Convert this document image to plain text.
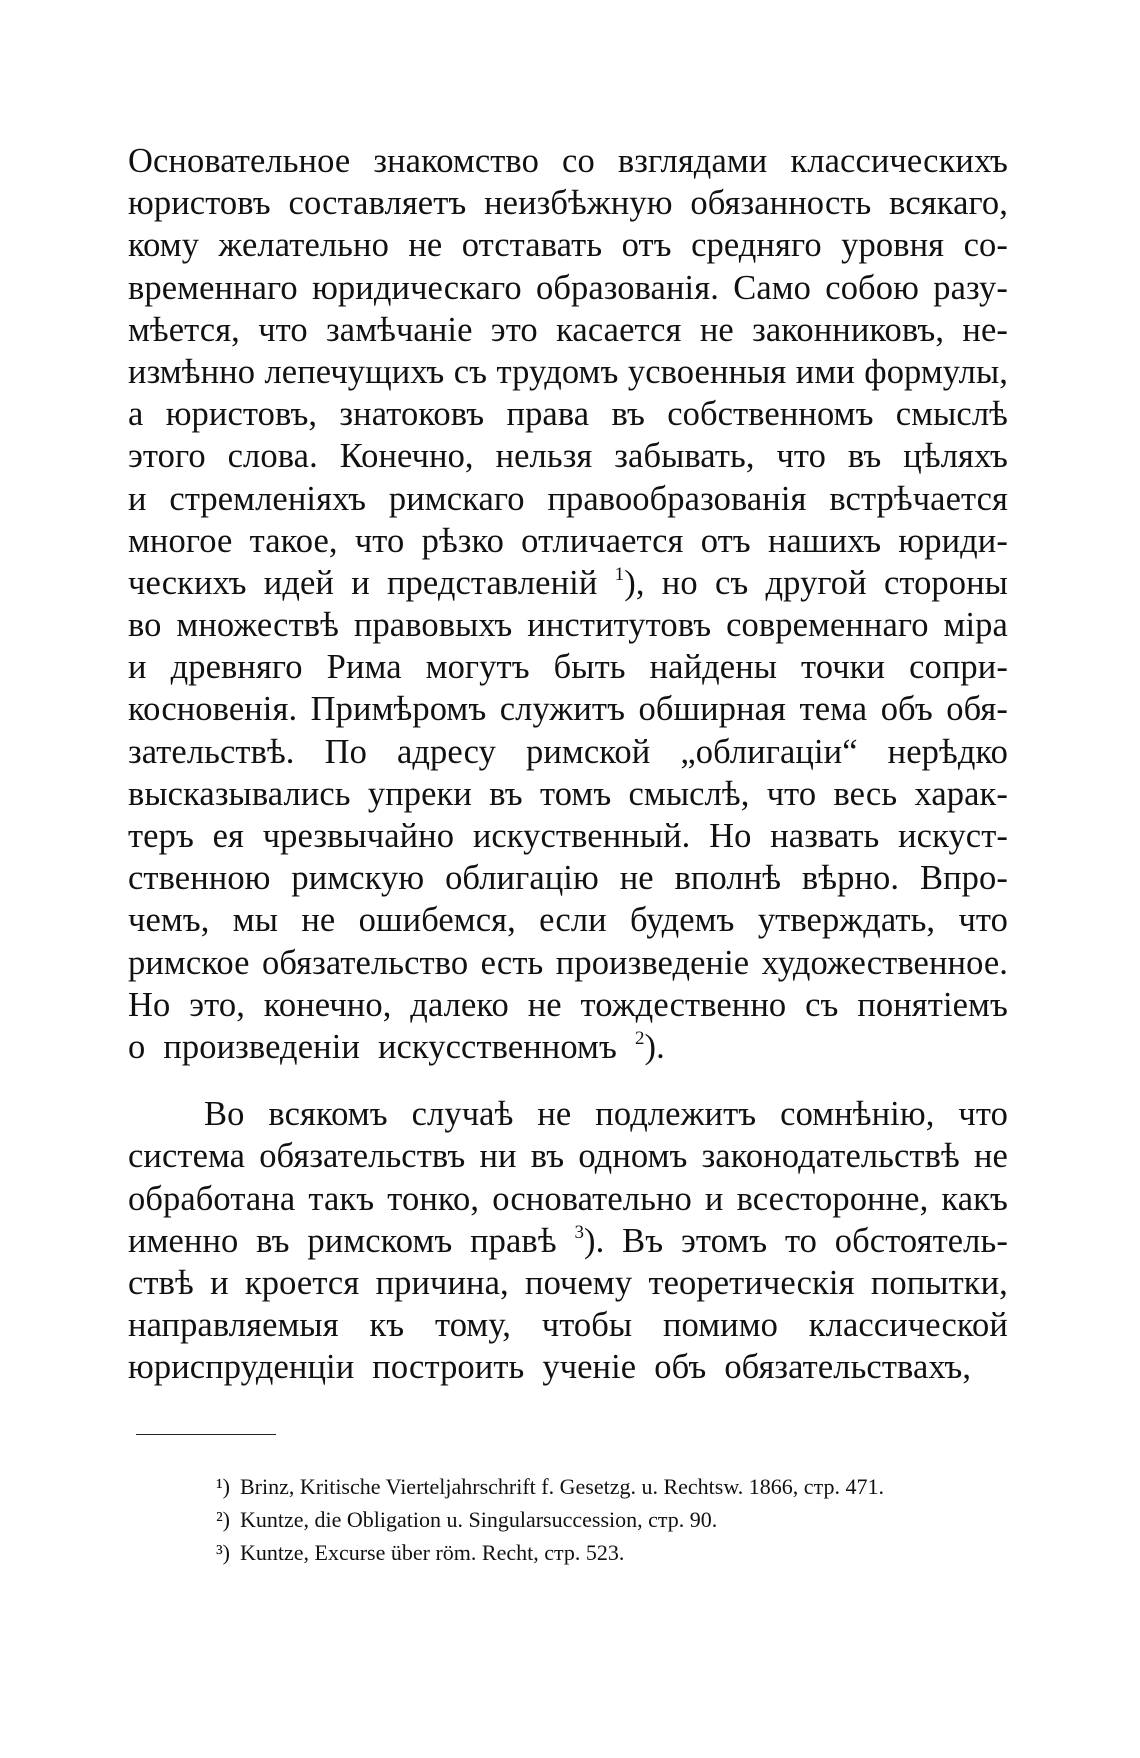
Основательное знакомство со взглядами классическихъ
юристовъ составляетъ неизбѣжную обязанность всякаго,
кому желательно не отставать отъ средняго уровня со-
временнаго юридическаго образованія. Само собою разу-
мѣется, что замѣчаніе это касается не законниковъ, не-
измѣнно лепечущихъ съ трудомъ усвоенныя ими формулы,
а юристовъ, знатоковъ права въ собственномъ смыслѣ
этого слова. Конечно, нельзя забывать, что въ цѣляхъ
и стремленіяхъ римскаго правообразованія встрѣчается
многое такое, что рѣзко отличается отъ нашихъ юриди-
ческихъ идей и представленій $^1$), но съ другой стороны
во множествѣ правовыхъ институтовъ современнаго міра
и древняго Рима могутъ быть найдены точки сопри-
косновенія. Примѣромъ служитъ обширная тема объ обя-
зательствѣ. По адресу римской „облигаціи“ нерѣдко
высказывались упреки въ томъ смыслѣ, что весь харак-
теръ ея чрезвычайно искуственный. Но назвать искуст-
ственною римскую облигацію не вполнѣ вѣрно. Впро-
чемъ, мы не ошибемся, если будемъ утверждать, что
римское обязательство есть произведеніе художественное.
Но это, конечно, далеко не тождественно съ понятіемъ
о произведеніи искусственномъ $^2$).
Во всякомъ случаѣ не подлежитъ сомнѣнію, что
система обязательствъ ни въ одномъ законодательствѣ не
обработана такъ тонко, основательно и всесторонне, какъ
именно въ римскомъ правѣ $^3$). Въ этомъ то обстоятель-
ствѣ и кроется причина, почему теоретическія попытки,
направляемыя къ тому, чтобы помимо классической
юриспруденціи построить ученіе объ обязательствахъ,
¹) Brinz, Kritische Vierteljahrschrift f. Gesetzg. u. Rechtsw. 1866, стр. 471.
²) Kuntze, die Obligation u. Singularsuccession, стр. 90.
³) Kuntze, Excurse über röm. Recht, стр. 523.
